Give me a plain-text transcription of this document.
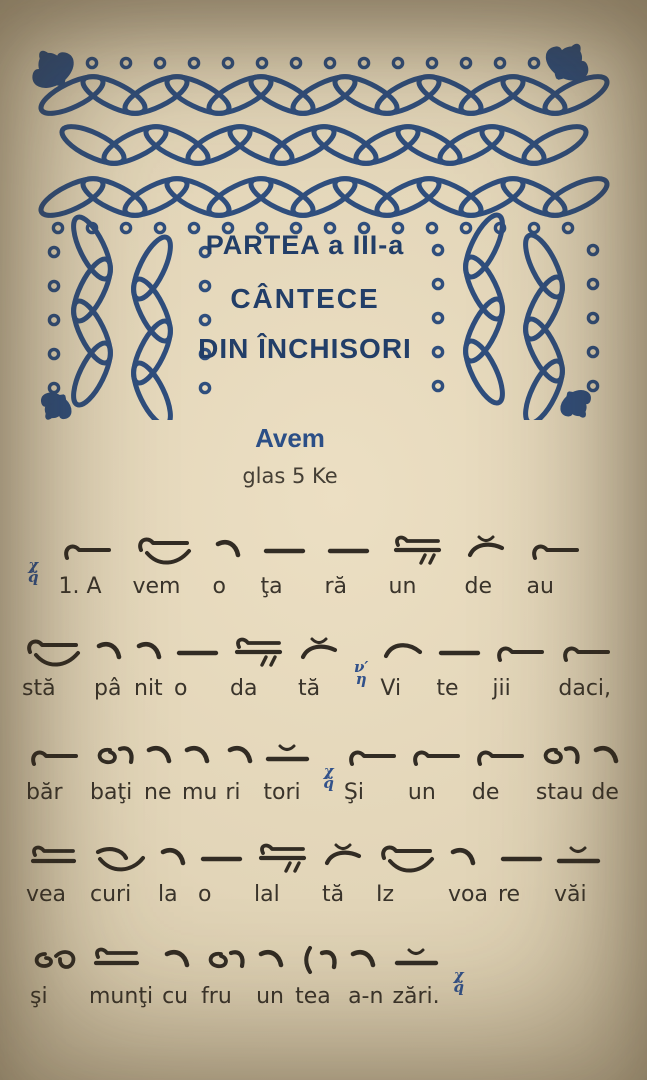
PARTEA a III-a
CÂNTECE
DIN ÎNCHISORI
Avem
glas 5 Ke
χ
q̈ 1. A vem o ţa ră un de au
stă pâ nit o da tă
ν′
η Vi te jii daci,
băr baţi ne mu ri tori
χ
q̈ Şi un de stau de
vea curi la o lal tă Iz voa re văi
şi munţi cu fru un tea a-n zări.
χ
q̈
